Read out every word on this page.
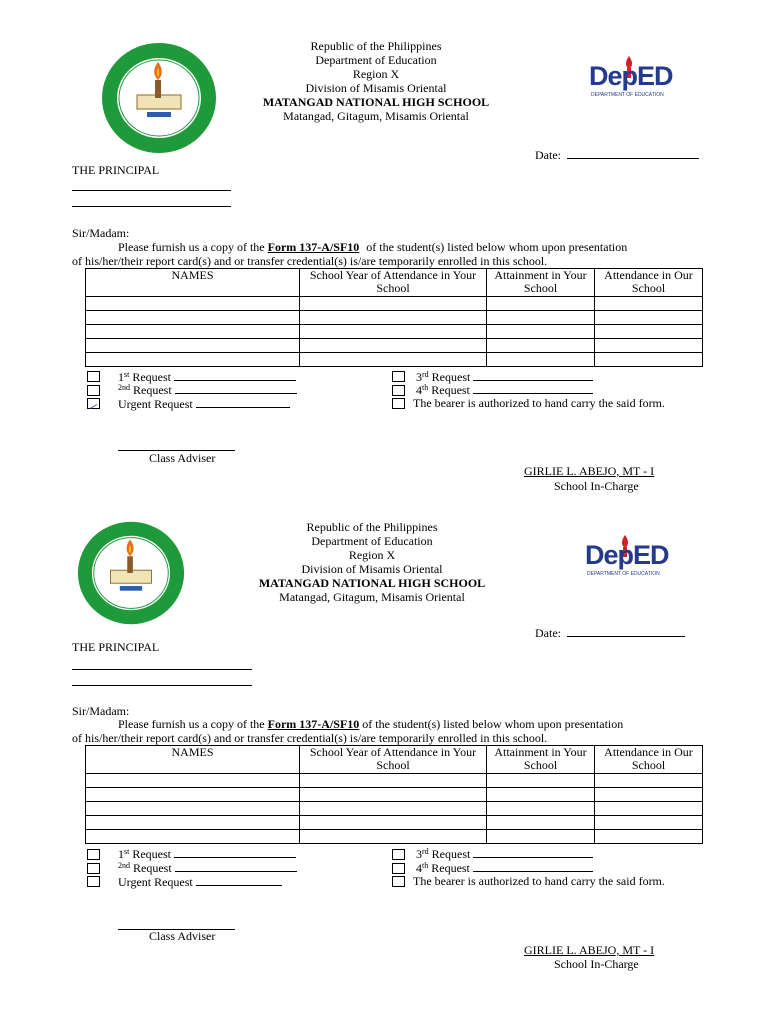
Republic of the Philippines
Department of Education
Region X
Division of Misamis Oriental
MATANGAD NATIONAL HIGH SCHOOL
Matangad, Gitagum, Misamis Oriental
DepED
DEPARTMENT OF EDUCATION
Date:
THE PRINCIPAL
Sir/Madam:
Please furnish us a copy of the Form 137-A/SF10 of the student(s) listed below whom upon presentation
of his/her/their report card(s) and or transfer credential(s) is/are temporarily enrolled in this school.
NAMES	School Year of Attendance in Your School	Attainment in Your School	Attendance in Our School

1st Request
$^{2nd}$ Request
Urgent Request
3rd Request
4th Request
The bearer is authorized to hand carry the said form.
Class Adviser
GIRLIE L. ABEJO, MT - I
School In-Charge
Republic of the Philippines
Department of Education
Region X
Division of Misamis Oriental
MATANGAD NATIONAL HIGH SCHOOL
Matangad, Gitagum, Misamis Oriental
DepED
DEPARTMENT OF EDUCATION
Date:
THE PRINCIPAL
Sir/Madam:
Please furnish us a copy of the Form 137-A/SF10 of the student(s) listed below whom upon presentation
of his/her/their report card(s) and or transfer credential(s) is/are temporarily enrolled in this school.
NAMES	School Year of Attendance in Your School	Attainment in Your School	Attendance in Our School

1st Request
$^{2nd}$ Request
Urgent Request
3rd Request
4th Request
The bearer is authorized to hand carry the said form.
Class Adviser
GIRLIE L. ABEJO, MT - I
School In-Charge
